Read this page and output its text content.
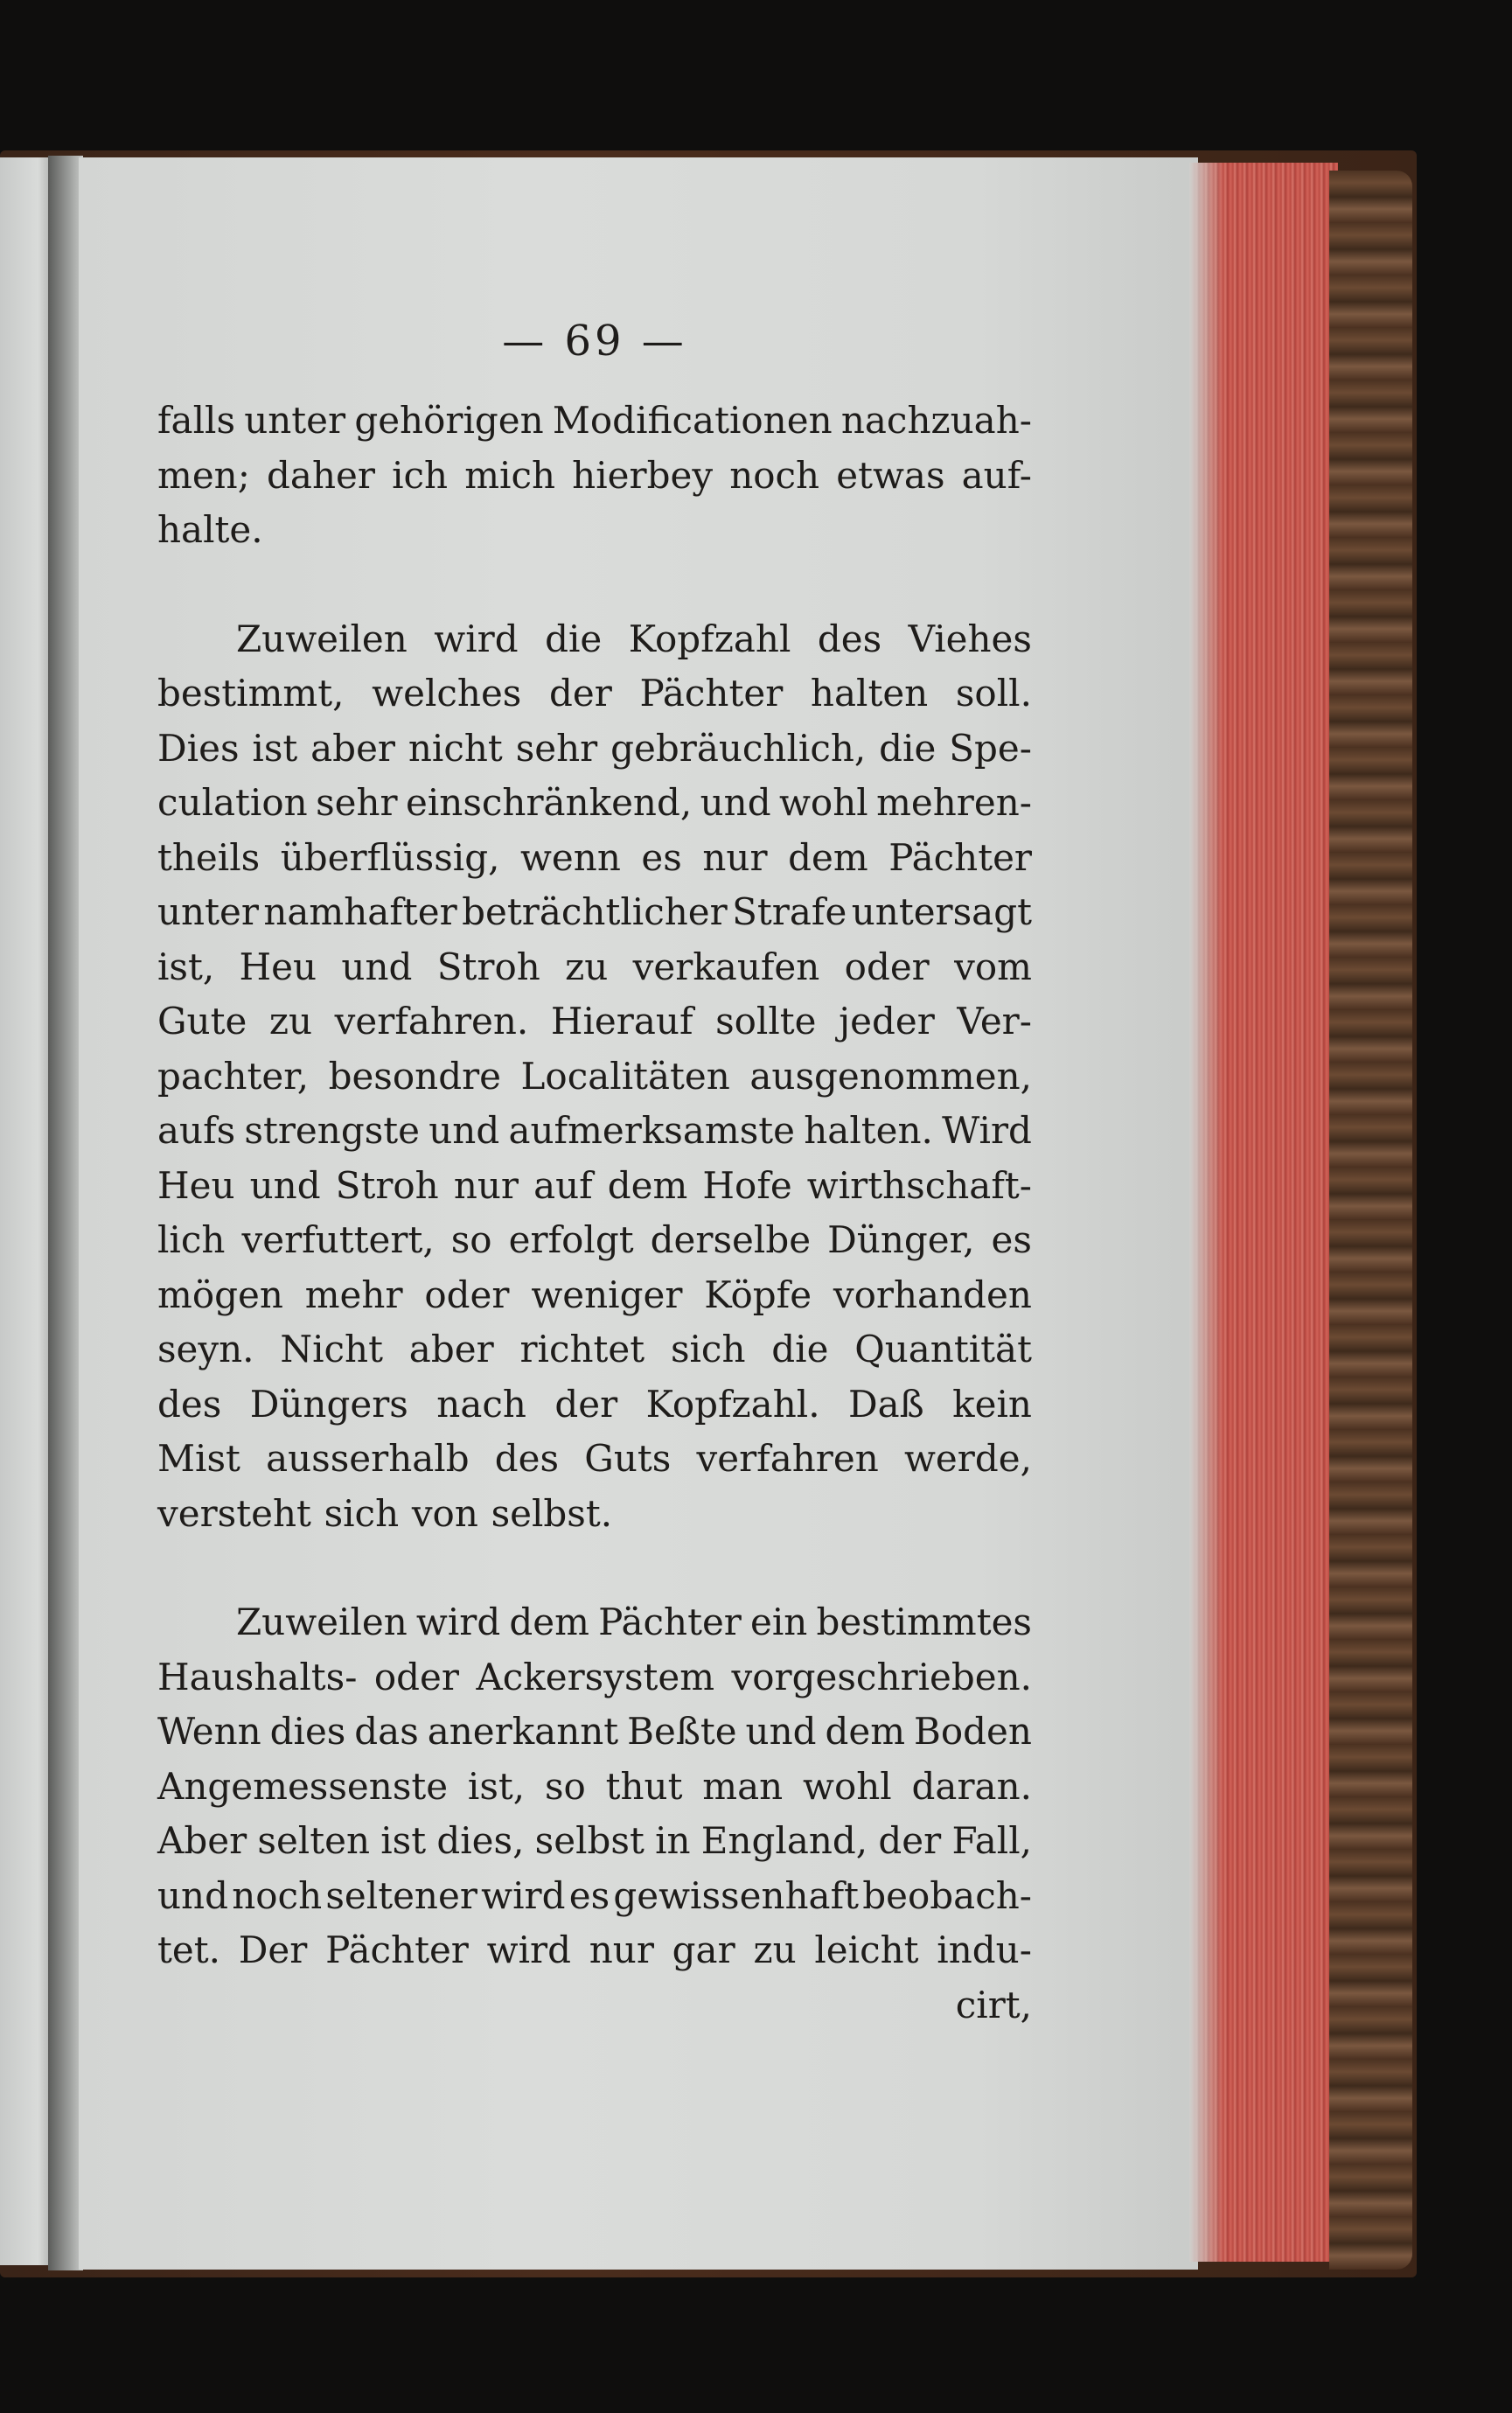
— 69 —
falls unter gehörigen Modificationen nachzuah-
men; daher ich mich hierbey noch etwas auf-
halte.
Zuweilen wird die Kopfzahl des Viehes
bestimmt, welches der Pächter halten soll.
Dies ist aber nicht sehr gebräuchlich, die Spe-
culation sehr einschränkend, und wohl mehren-
theils überflüssig, wenn es nur dem Pächter
unter namhafter beträchtlicher Strafe untersagt
ist, Heu und Stroh zu verkaufen oder vom
Gute zu verfahren. Hierauf sollte jeder Ver-
pachter, besondre Localitäten ausgenommen,
aufs strengste und aufmerksamste halten. Wird
Heu und Stroh nur auf dem Hofe wirthschaft-
lich verfuttert, so erfolgt derselbe Dünger, es
mögen mehr oder weniger Köpfe vorhanden
seyn. Nicht aber richtet sich die Quantität
des Düngers nach der Kopfzahl. Daß kein
Mist ausserhalb des Guts verfahren werde,
versteht sich von selbst.
Zuweilen wird dem Pächter ein bestimmtes
Haushalts- oder Ackersystem vorgeschrieben.
Wenn dies das anerkannt Beßte und dem Boden
Angemessenste ist, so thut man wohl daran.
Aber selten ist dies, selbst in England, der Fall,
und noch seltener wird es gewissenhaft beobach-
tet. Der Pächter wird nur gar zu leicht indu-
cirt,
